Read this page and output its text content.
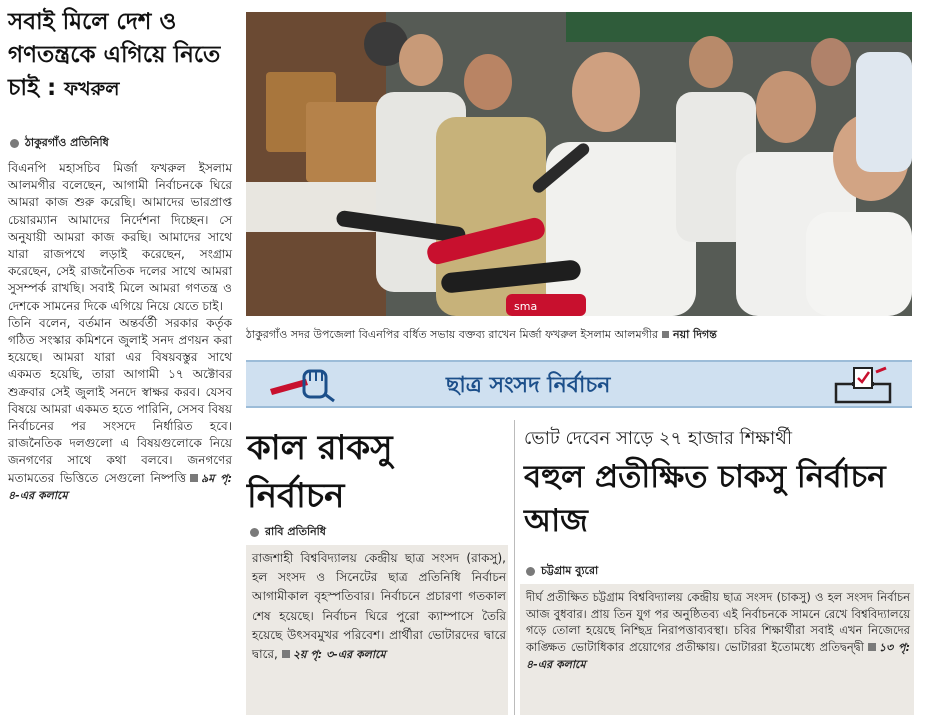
সবাই মিলে দেশ ও গণতন্ত্রকে এগিয়ে নিতে চাই : ফখরুল
ঠাকুরগাঁও প্রতিনিধি

বিএনপি মহাসচিব মির্জা ফখরুল ইসলাম আলমগীর বলেছেন, আগামী নির্বাচনকে ঘিরে আমরা কাজ শুরু করেছি। আমাদের ভারপ্রাপ্ত চেয়ারম্যান আমাদের নির্দেশনা দিচ্ছেন। সে অনুযায়ী আমরা কাজ করছি। আমাদের সাথে যারা রাজপথে লড়াই করেছেন, সংগ্রাম করেছেন, সেই রাজনৈতিক দলের সাথে আমরা সুসম্পর্ক রাখছি। সবাই মিলে আমরা গণতন্ত্র ও দেশকে সামনের দিকে এগিয়ে নিয়ে যেতে চাই।

তিনি বলেন, বর্তমান অন্তর্বর্তী সরকার কর্তৃক গঠিত সংস্কার কমিশনে জুলাই সনদ প্রণয়ন করা হয়েছে। আমরা যারা এর বিষয়বস্তুর সাথে একমত হয়েছি, তারা আগামী ১৭ অক্টোবর শুক্রবার সেই জুলাই সনদে স্বাক্ষর করব। যেসব বিষয়ে আমরা একমত হতে পারিনি, সেসব বিষয় নির্বাচনের পর সংসদে নির্ধারিত হবে। রাজনৈতিক দলগুলো এ বিষয়গুলোকে নিয়ে জনগণের সাথে কথা বলবে। জনগণের মতামতের ভিত্তিতে সেগুলো নিষ্পত্তি ৯ম পৃ: ৪-এর কলামে

sma
ঠাকুরগাঁও সদর উপজেলা বিএনপির বর্ধিত সভায় বক্তব্য রাখেন মির্জা ফখরুল ইসলাম আলমগীর নয়া দিগন্ত
ছাত্র সংসদ নির্বাচন
কাল রাকসু নির্বাচন
রাবি প্রতিনিধি
রাজশাহী বিশ্ববিদ্যালয় কেন্দ্রীয় ছাত্র সংসদ (রাকসু), হল সংসদ ও সিনেটের ছাত্র প্রতিনিধি নির্বাচন আগামীকাল বৃহস্পতিবার। নির্বাচনে প্রচারণা গতকাল শেষ হয়েছে। নির্বাচন ঘিরে পুরো ক্যাম্পাসে তৈরি হয়েছে উৎসবমুখর পরিবেশ। প্রার্থীরা ভোটারদের দ্বারে দ্বারে, ২য় পৃ: ৩-এর কলামে
ভোট দেবেন সাড়ে ২৭ হাজার শিক্ষার্থী
বহুল প্রতীক্ষিত চাকসু নির্বাচন আজ
চট্টগ্রাম ব্যুরো
দীর্ঘ প্রতীক্ষিত চট্টগ্রাম বিশ্ববিদ্যালয় কেন্দ্রীয় ছাত্র সংসদ (চাকসু) ও হল সংসদ নির্বাচন আজ বুধবার। প্রায় তিন যুগ পর অনুষ্ঠিতব্য এই নির্বাচনকে সামনে রেখে বিশ্ববিদ্যালয়ে গড়ে তোলা হয়েছে নিশ্ছিদ্র নিরাপত্তাব্যবস্থা। চবির শিক্ষার্থীরা সবাই এখন নিজেদের কাঙ্ক্ষিত ভোটাধিকার প্রয়োগের প্রতীক্ষায়। ভোটাররা ইতোমধ্যে প্রতিদ্বন্দ্বী ১৩ পৃ: ৪-এর কলামে
